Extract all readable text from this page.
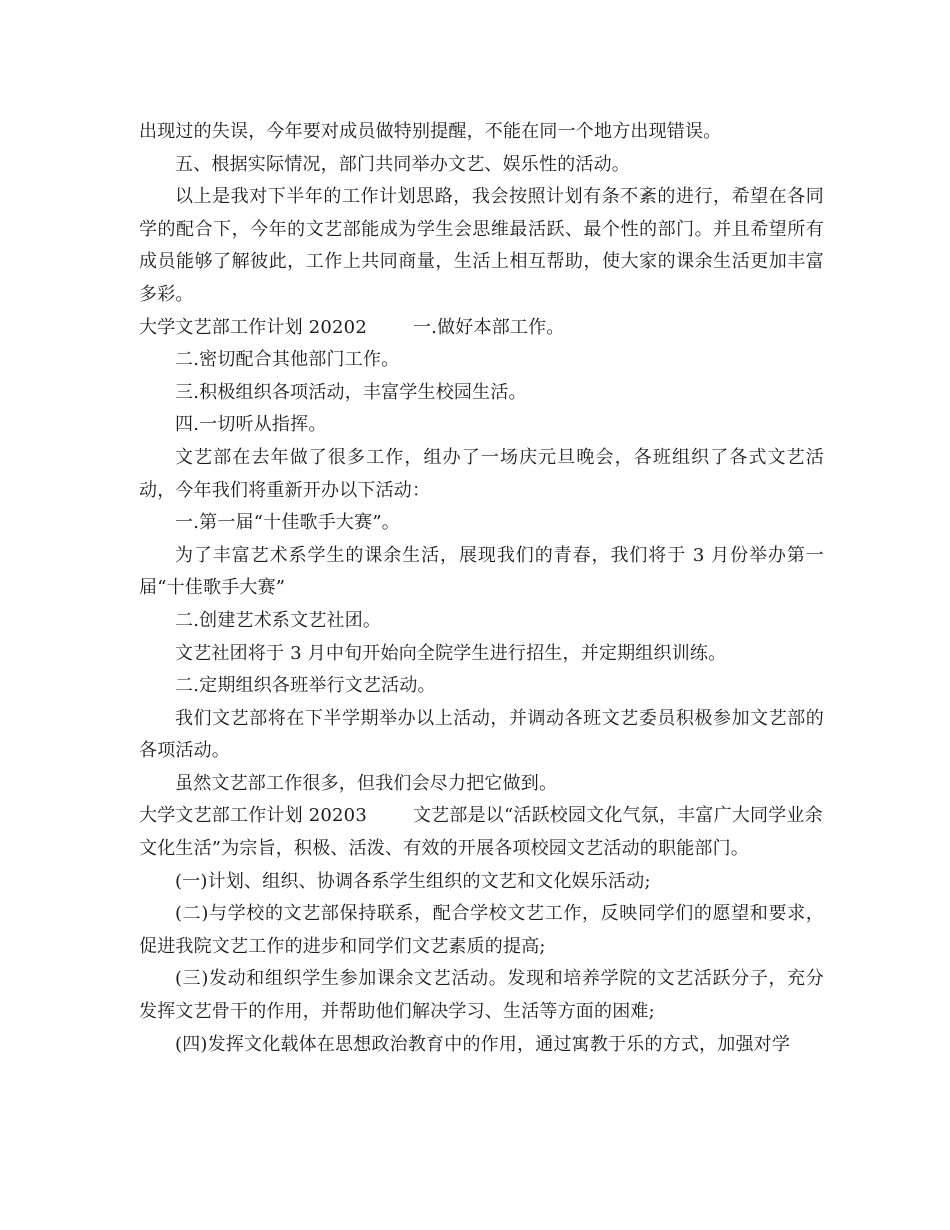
出现过的失误，今年要对成员做特别提醒，不能在同一个地方出现错误。

五、根据实际情况，部门共同举办文艺、娱乐性的活动。

以上是我对下半年的工作计划思路，我会按照计划有条不紊的进行，希望在各同学的配合下，今年的文艺部能成为学生会思维最活跃、最个性的部门。并且希望所有成员能够了解彼此，工作上共同商量，生活上相互帮助，使大家的课余生活更加丰富多彩。

大学文艺部工作计划 20202	一.做好本部工作。

二.密切配合其他部门工作。

三.积极组织各项活动，丰富学生校园生活。

四.一切听从指挥。

文艺部在去年做了很多工作，组办了一场庆元旦晚会，各班组织了各式文艺活动，今年我们将重新开办以下活动：

一.第一届“十佳歌手大赛”。

为了丰富艺术系学生的课余生活，展现我们的青春，我们将于 3 月份举办第一届“十佳歌手大赛”

二.创建艺术系文艺社团。

文艺社团将于 3 月中旬开始向全院学生进行招生，并定期组织训练。

二.定期组织各班举行文艺活动。

我们文艺部将在下半学期举办以上活动，并调动各班文艺委员积极参加文艺部的各项活动。

虽然文艺部工作很多，但我们会尽力把它做到。

大学文艺部工作计划 20203	文艺部是以“活跃校园文化气氛，丰富广大同学业余文化生活”为宗旨，积极、活泼、有效的开展各项校园文艺活动的职能部门。

(一)计划、组织、协调各系学生组织的文艺和文化娱乐活动;

(二)与学校的文艺部保持联系，配合学校文艺工作，反映同学们的愿望和要求，促进我院文艺工作的进步和同学们文艺素质的提高;

(三)发动和组织学生参加课余文艺活动。发现和培养学院的文艺活跃分子，充分发挥文艺骨干的作用，并帮助他们解决学习、生活等方面的困难;

(四)发挥文化载体在思想政治教育中的作用，通过寓教于乐的方式，加强对学
